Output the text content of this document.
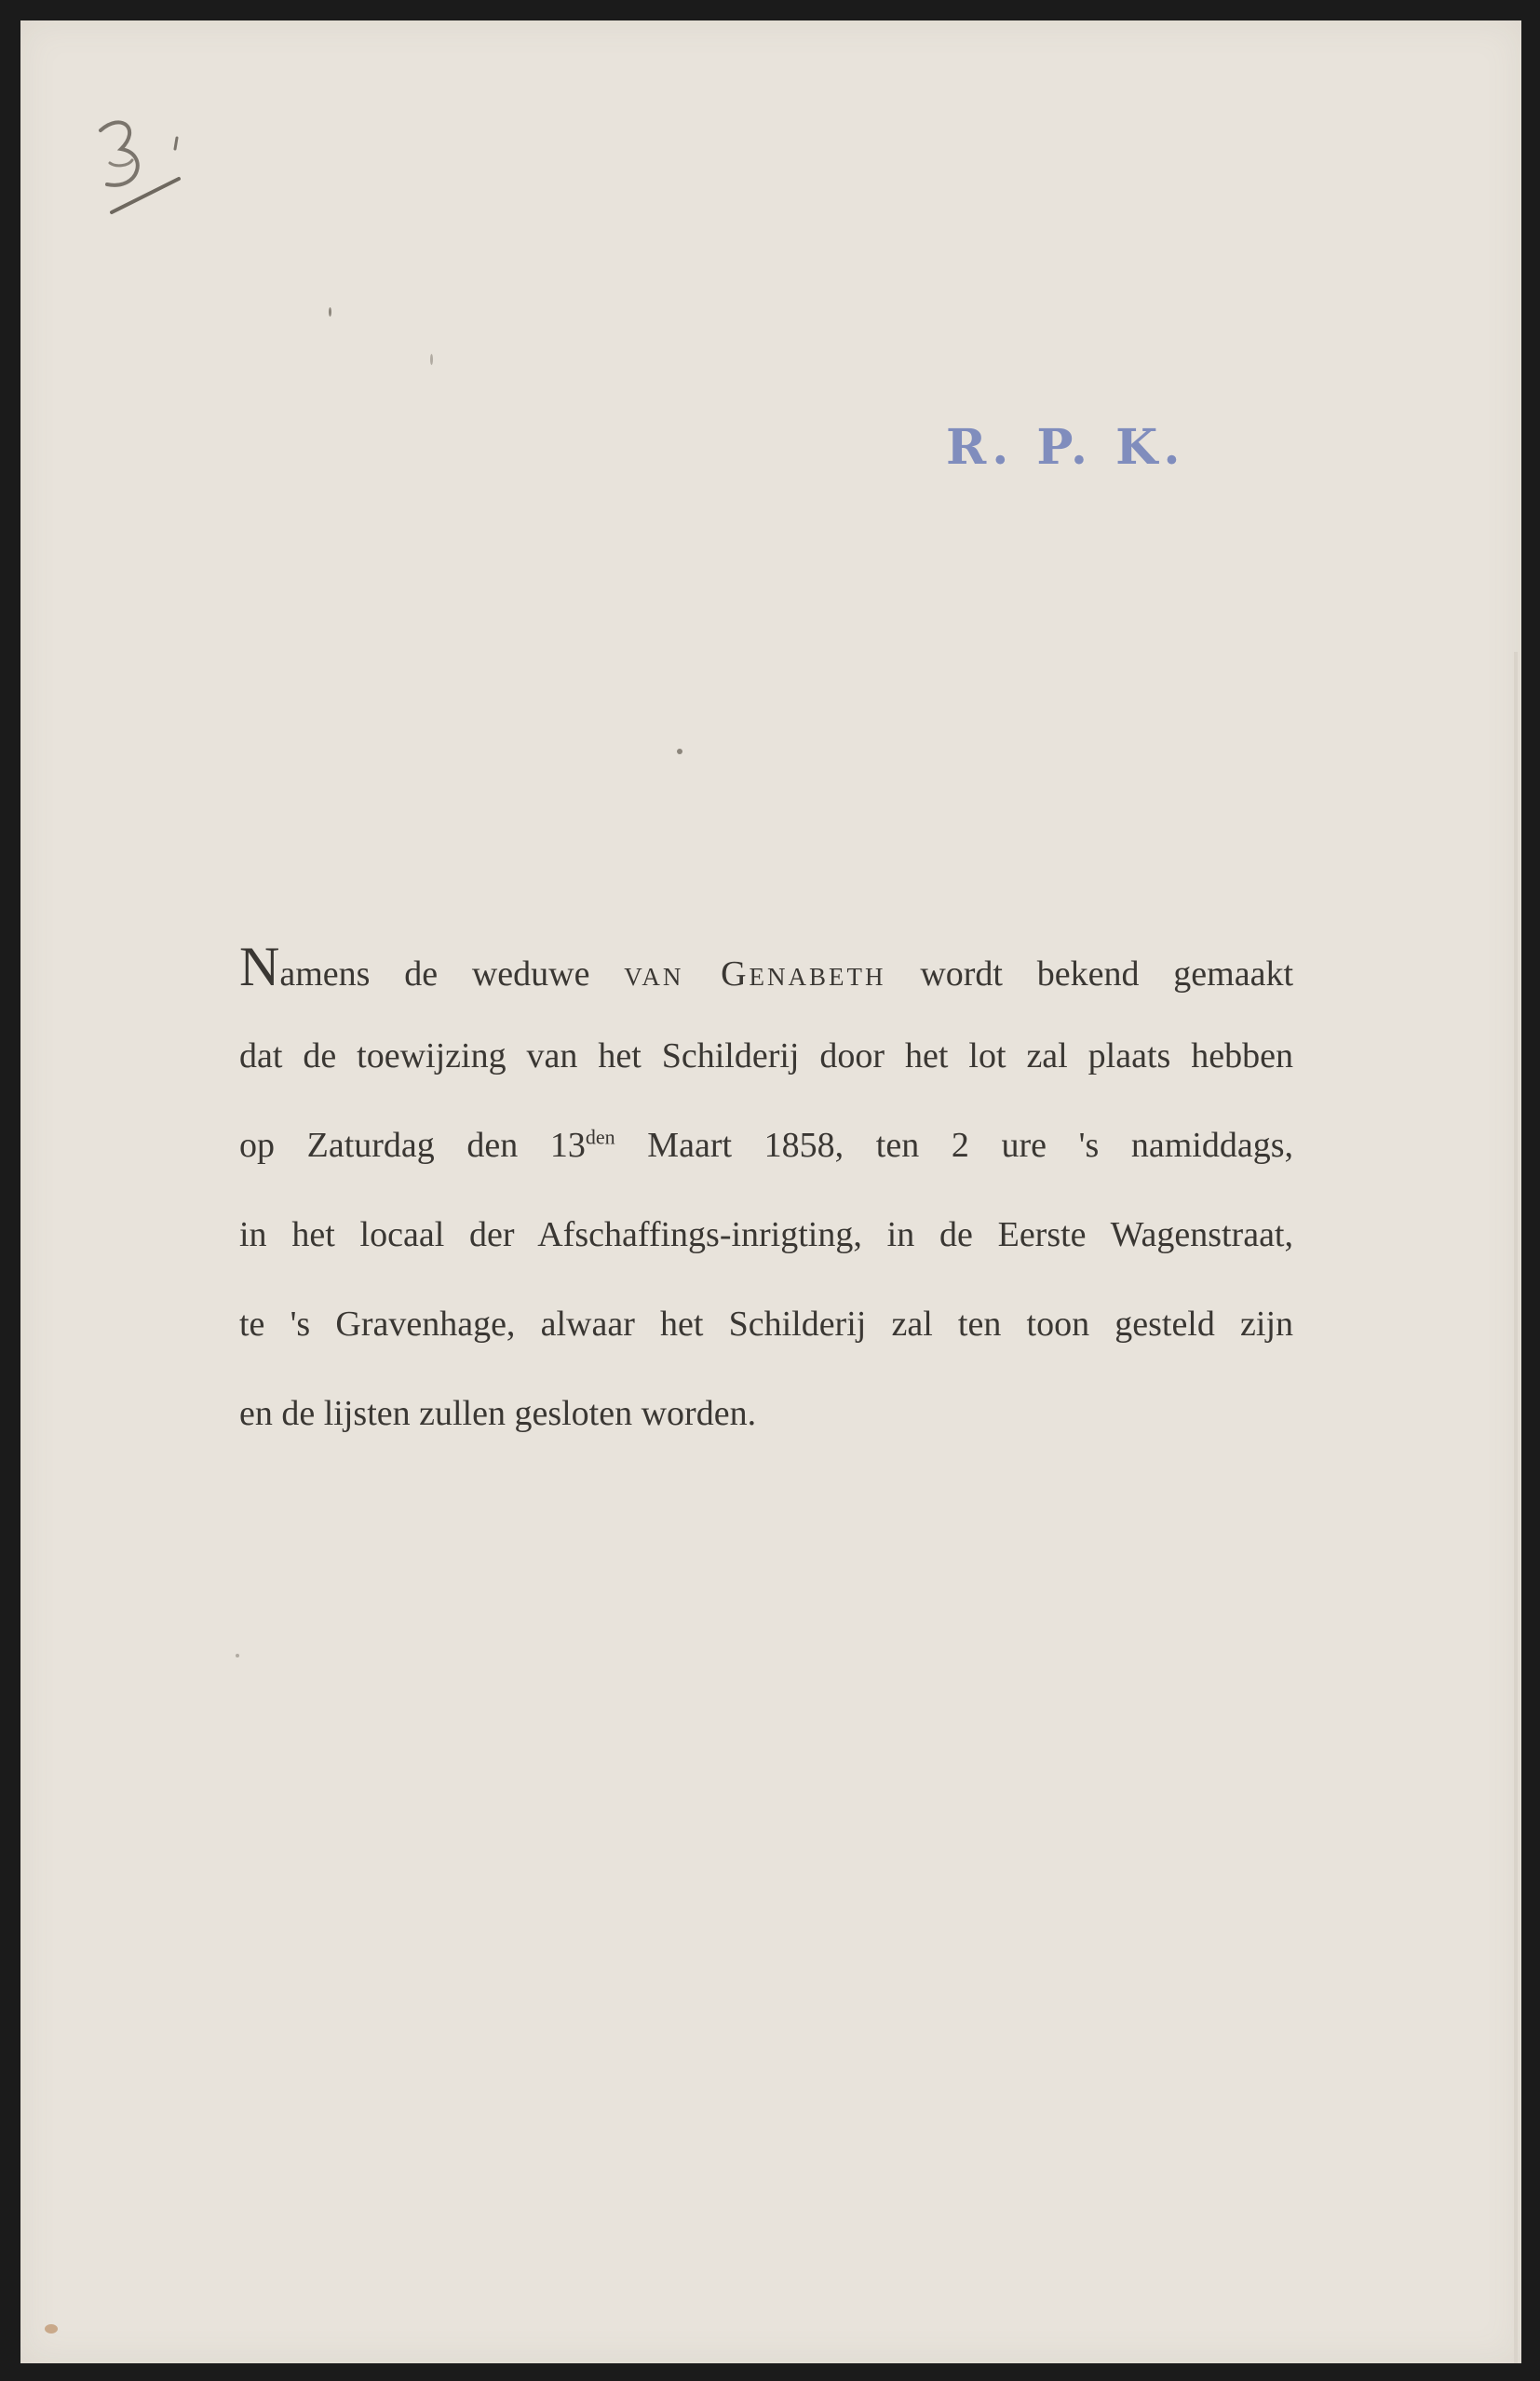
R. P. K.
Namens de weduwe van Genabeth wordt bekend gemaakt
dat de toewijzing van het Schilderij door het lot zal plaats hebben
op Zaturdag den $13^{den}$ Maart 1858, ten 2 ure 's namiddags,
in het locaal der Afschaffings-inrigting, in de Eerste Wagenstraat,
te 's Gravenhage, alwaar het Schilderij zal ten toon gesteld zijn
en de lijsten zullen gesloten worden.
